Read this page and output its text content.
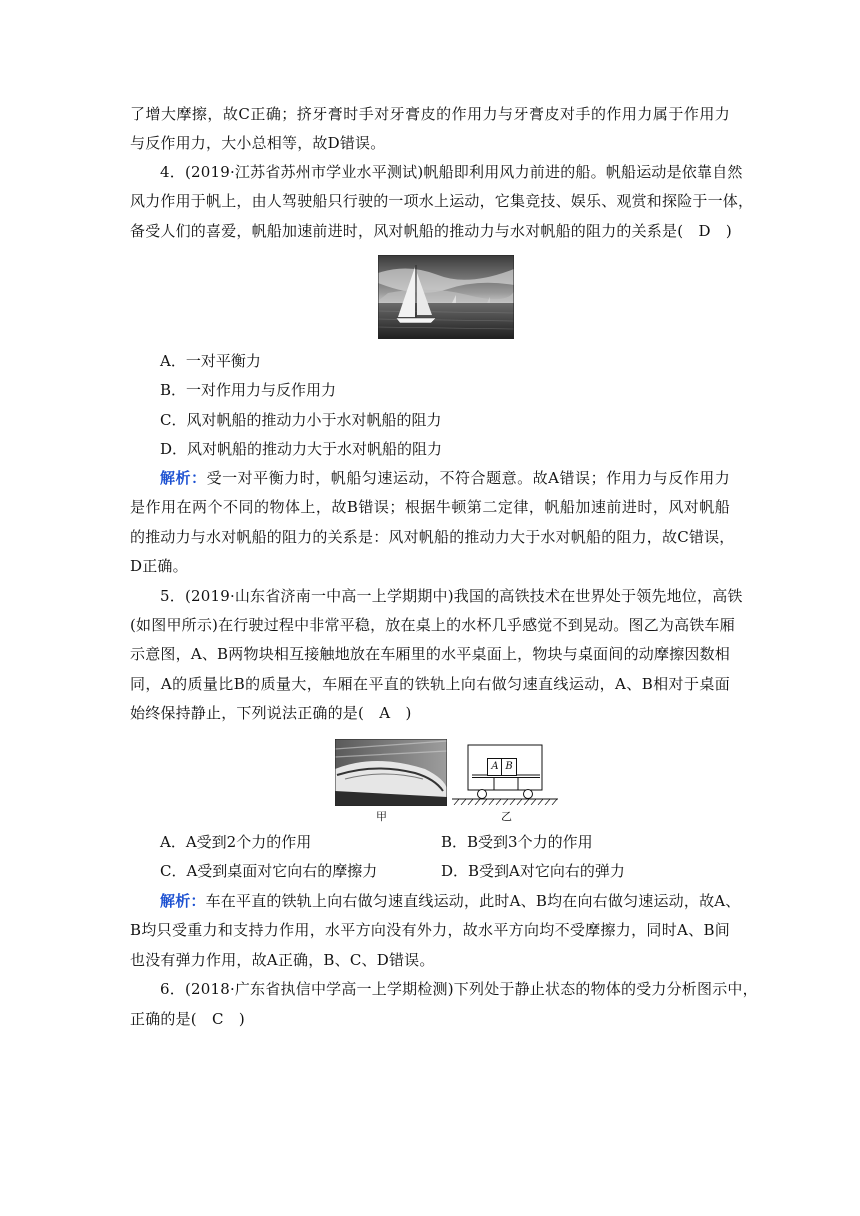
了增大摩擦，故C正确；挤牙膏时手对牙膏皮的作用力与牙膏皮对手的作用力属于作用力
与反作用力，大小总相等，故D错误。
4．(2019·江苏省苏州市学业水平测试)帆船即利用风力前进的船。帆船运动是依靠自然
风力作用于帆上，由人驾驶船只行驶的一项水上运动，它集竞技、娱乐、观赏和探险于一体，
备受人们的喜爱，帆船加速前进时，风对帆船的推动力与水对帆船的阻力的关系是(　D　)
A．一对平衡力
B．一对作用力与反作用力
C．风对帆船的推动力小于水对帆船的阻力
D．风对帆船的推动力大于水对帆船的阻力
解析：受一对平衡力时，帆船匀速运动，不符合题意。故A错误；作用力与反作用力
是作用在两个不同的物体上，故B错误；根据牛顿第二定律，帆船加速前进时，风对帆船
的推动力与水对帆船的阻力的关系是：风对帆船的推动力大于水对帆船的阻力，故C错误，
D正确。
5．(2019·山东省济南一中高一上学期期中)我国的高铁技术在世界处于领先地位，高铁
(如图甲所示)在行驶过程中非常平稳，放在桌上的水杯几乎感觉不到晃动。图乙为高铁车厢
示意图，A、B两物块相互接触地放在车厢里的水平桌面上，物块与桌面间的动摩擦因数相
同，A的质量比B的质量大，车厢在平直的铁轨上向右做匀速直线运动，A、B相对于桌面
始终保持静止，下列说法正确的是(　A　)
甲
A B
乙
A．A受到2个力的作用	B．B受到3个力的作用
C．A受到桌面对它向右的摩擦力	D．B受到A对它向右的弹力
解析：车在平直的铁轨上向右做匀速直线运动，此时A、B均在向右做匀速运动，故A、
B均只受重力和支持力作用，水平方向没有外力，故水平方向均不受摩擦力，同时A、B间
也没有弹力作用，故A正确，B、C、D错误。
6．(2018·广东省执信中学高一上学期检测)下列处于静止状态的物体的受力分析图示中，
正确的是(　C　)
